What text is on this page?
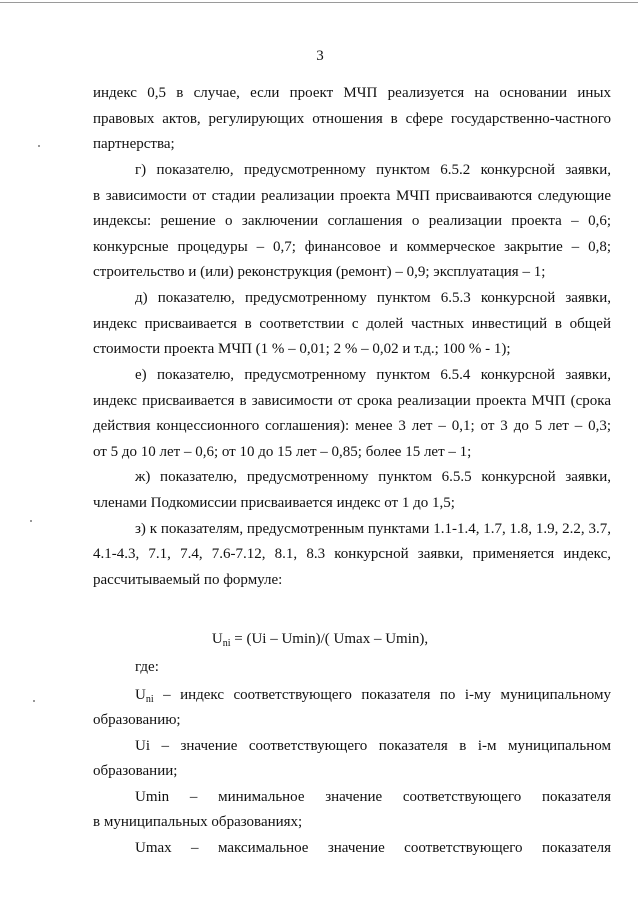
3
индекс 0,5 в случае, если проект МЧП реализуется на основании иных
правовых актов, регулирующих отношения в сфере государственно-частного
партнерства;
г) показателю, предусмотренному пунктом 6.5.2 конкурсной заявки,
в зависимости от стадии реализации проекта МЧП присваиваются следующие
индексы: решение о заключении соглашения о реализации проекта – 0,6;
конкурсные процедуры – 0,7; финансовое и коммерческое закрытие – 0,8;
строительство и (или) реконструкция (ремонт) – 0,9; эксплуатация – 1;
д) показателю, предусмотренному пунктом 6.5.3 конкурсной заявки,
индекс присваивается в соответствии с долей частных инвестиций в общей
стоимости проекта МЧП (1 % – 0,01; 2 % – 0,02 и т.д.; 100 % - 1);
е) показателю, предусмотренному пунктом 6.5.4 конкурсной заявки,
индекс присваивается в зависимости от срока реализации проекта МЧП (срока
действия концессионного соглашения): менее 3 лет – 0,1; от 3 до 5 лет – 0,3;
от 5 до 10 лет – 0,6; от 10 до 15 лет – 0,85; более 15 лет – 1;
ж) показателю, предусмотренному пунктом 6.5.5 конкурсной заявки,
членами Подкомиссии присваивается индекс от 1 до 1,5;
з) к показателям, предусмотренным пунктами 1.1-1.4, 1.7, 1.8, 1.9, 2.2, 3.7,
4.1-4.3, 7.1, 7.4, 7.6-7.12, 8.1, 8.3 конкурсной заявки, применяется индекс,
рассчитываемый по формуле:
$U_{ni} = (Ui - Umin)/$( Umax – Umin),
где:
$U_{ni}$ – индекс соответствующего показателя по i-му муниципальному
образованию;
Ui – значение соответствующего показателя в i-м муниципальном
образовании;
Umin – минимальное значение соответствующего показателя
в муниципальных образованиях;
Umax – максимальное значение соответствующего показателя
